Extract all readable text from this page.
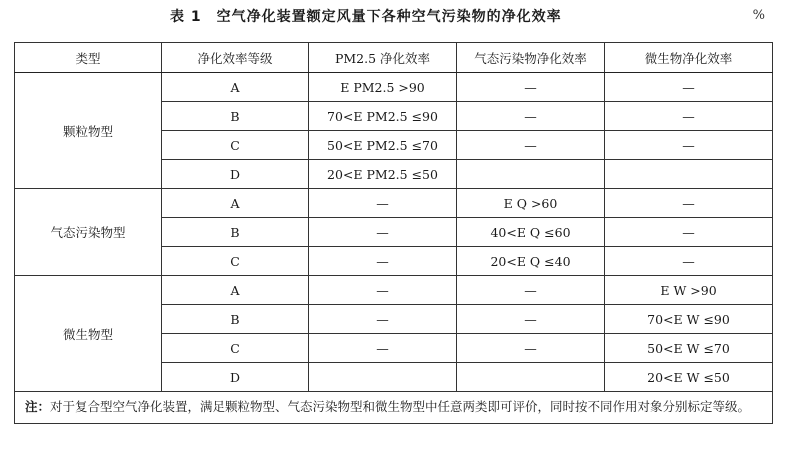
表 1　空气净化装置额定风量下各种空气污染物的净化效率	%
类型	净化效率等级	PM2.5 净化效率	气态污染物净化效率	微生物净化效率
颗粒物型	A	E PM2.5 >90	—	—
	B	70<E PM2.5 ≤90	—	—
	C	50<E PM2.5 ≤70	—	—
	D	20<E PM2.5 ≤50		
气态污染物型	A	—	E Q >60	—
	B	—	40<E Q ≤60	—
	C	—	20<E Q ≤40	—
微生物型	A	—	—	E W >90
	B	—	—	70<E W ≤90
	C	—	—	50<E W ≤70
	D			20<E W ≤50
注：对于复合型空气净化装置，满足颗粒物型、气态污染物型和微生物型中任意两类即可评价，同时按不同作用对象分别标定等级。				
